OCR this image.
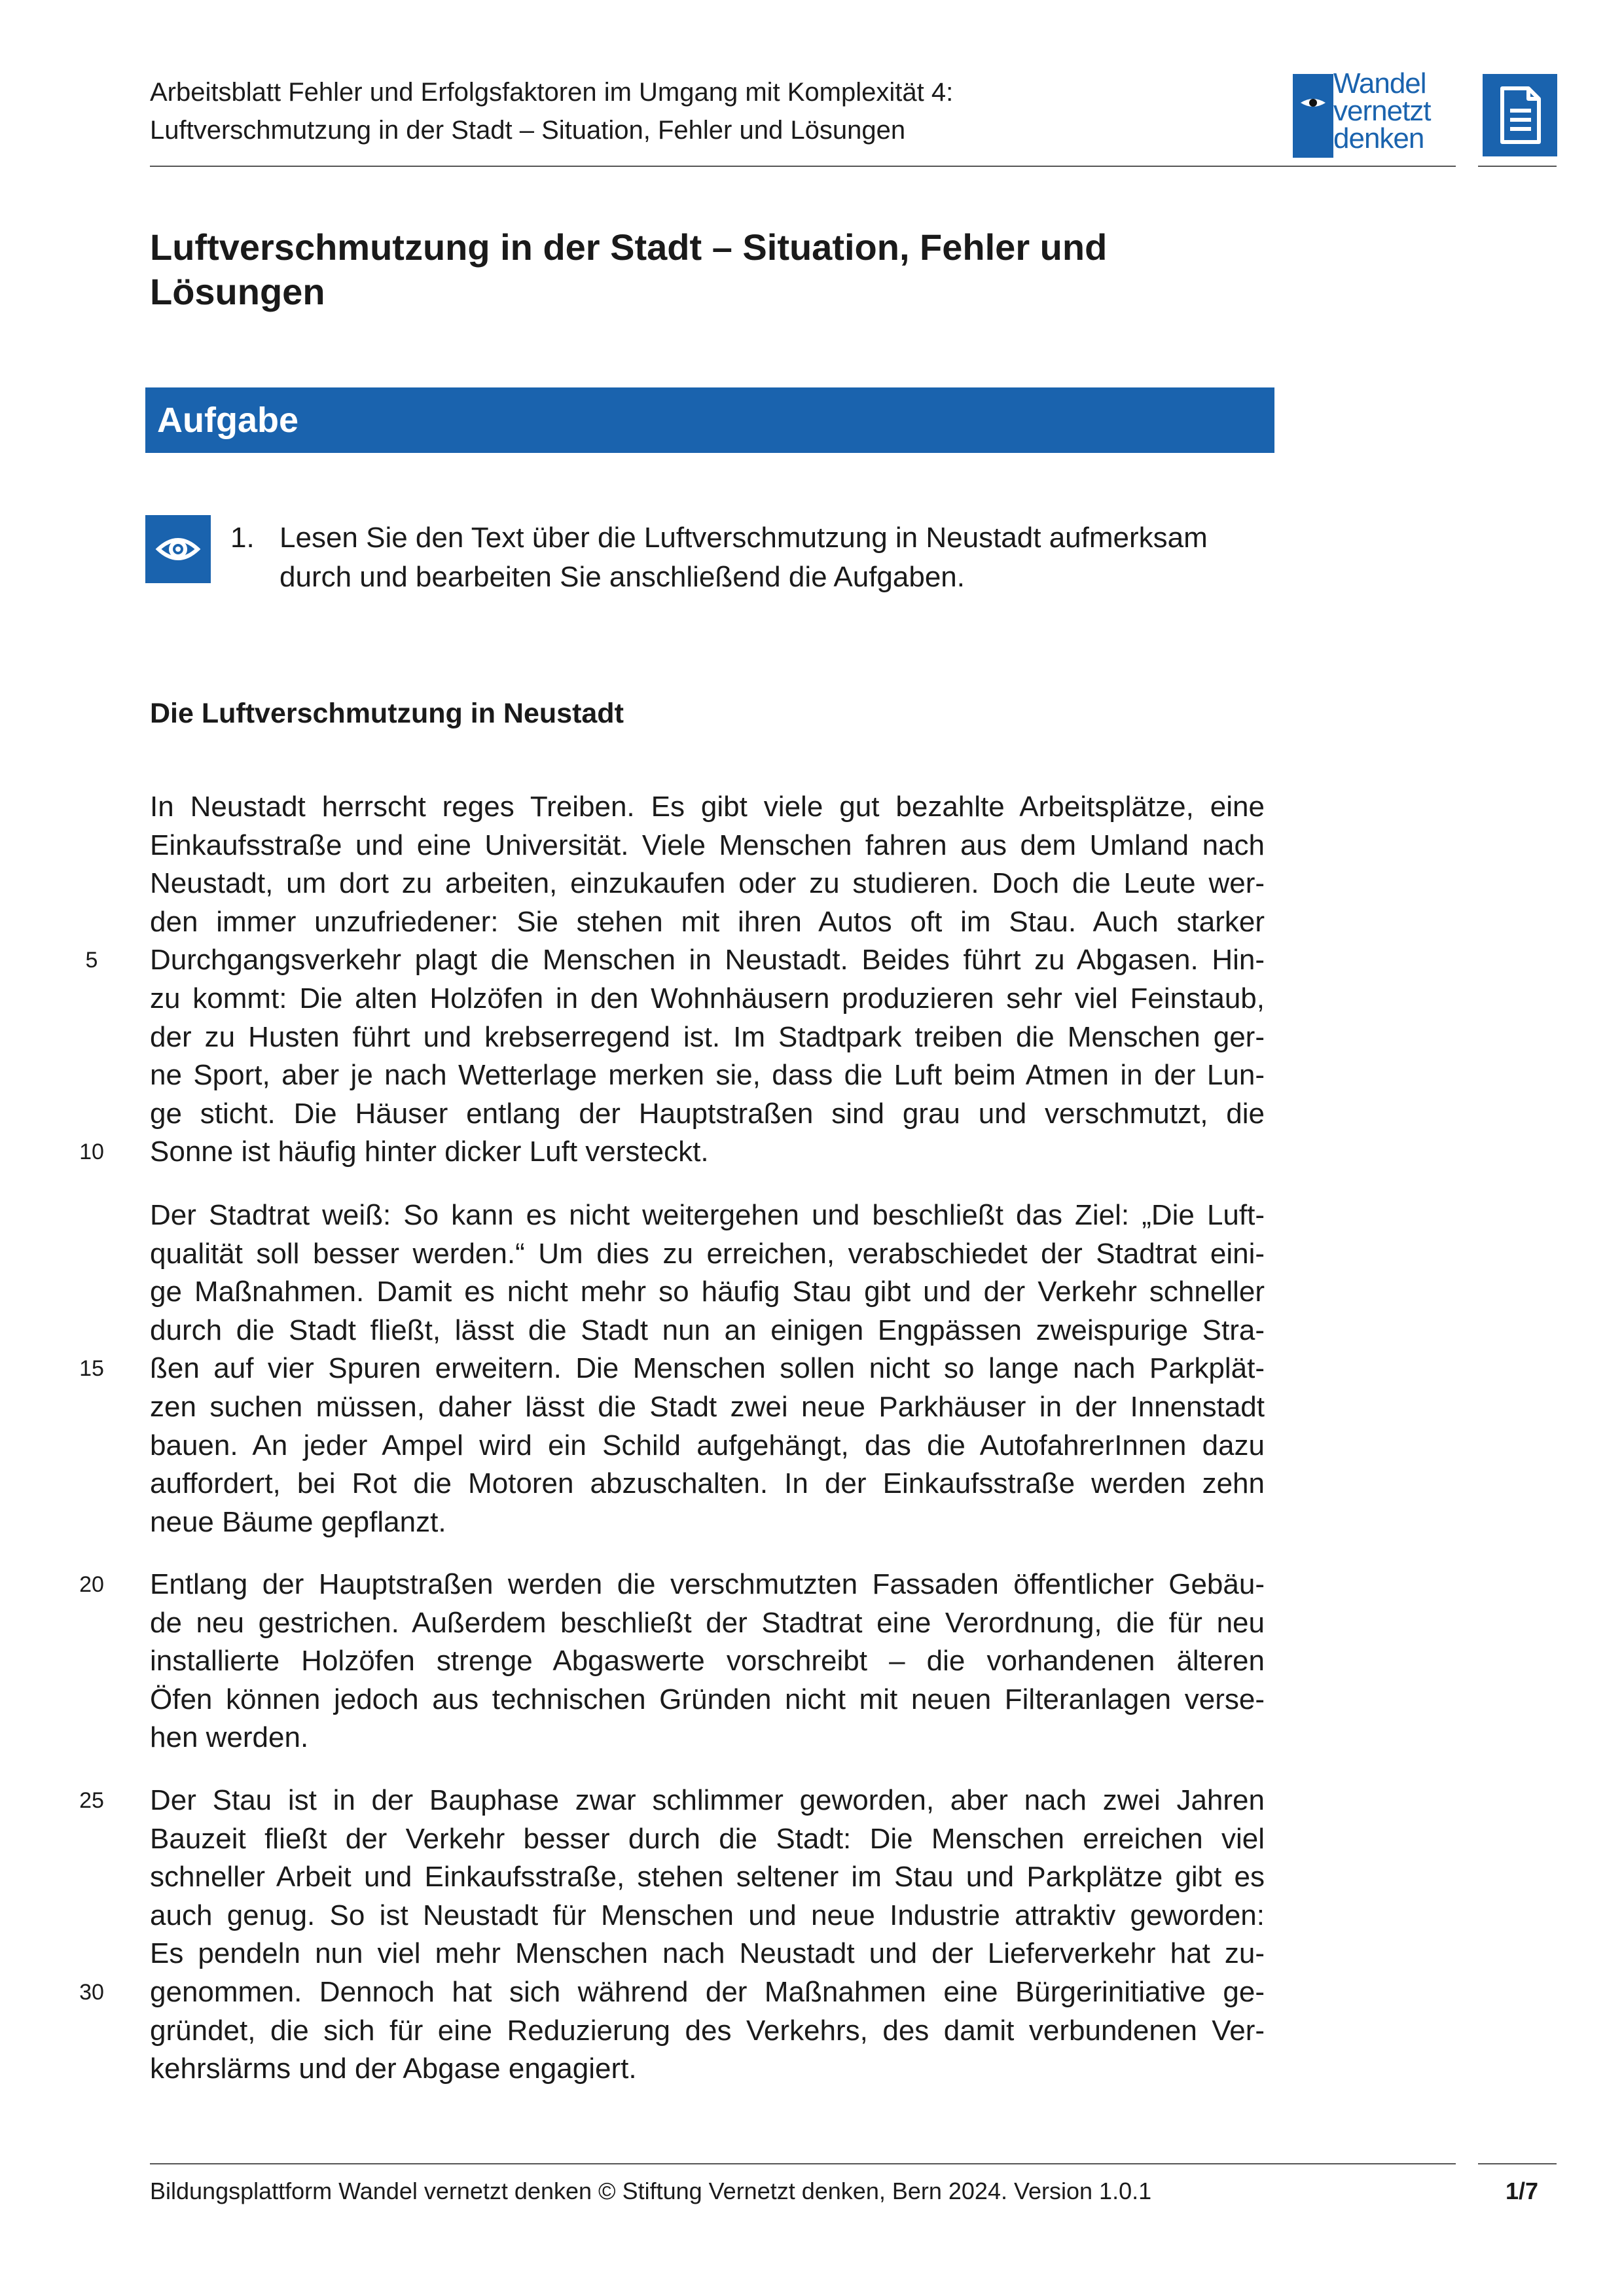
Arbeitsblatt Fehler und Erfolgsfaktoren im Umgang mit Komplexität 4:
Luftverschmutzung in der Stadt – Situation, Fehler und Lösungen
Wandel
vernetzt
denken
Luftverschmutzung in der Stadt – Situation, Fehler und
Lösungen
Aufgabe
1. Lesen Sie den Text über die Luftverschmutzung in Neustadt aufmerksam
durch und bearbeiten Sie anschließend die Aufgaben.
Die Luftverschmutzung in Neustadt
In Neustadt herrscht reges Treiben. Es gibt viele gut bezahlte Arbeitsplätze, eine
Einkaufsstraße und eine Universität. Viele Menschen fahren aus dem Umland nach
Neustadt, um dort zu arbeiten, einzukaufen oder zu studieren. Doch die Leute wer-
den immer unzufriedener: Sie stehen mit ihren Autos oft im Stau. Auch starker
Durchgangsverkehr plagt die Menschen in Neustadt. Beides führt zu Abgasen. Hin-
zu kommt: Die alten Holzöfen in den Wohnhäusern produzieren sehr viel Feinstaub,
der zu Husten führt und krebserregend ist. Im Stadtpark treiben die Menschen ger-
ne Sport, aber je nach Wetterlage merken sie, dass die Luft beim Atmen in der Lun-
ge sticht. Die Häuser entlang der Hauptstraßen sind grau und verschmutzt, die
Sonne ist häufig hinter dicker Luft versteckt.
Der Stadtrat weiß: So kann es nicht weitergehen und beschließt das Ziel: „Die Luft-
qualität soll besser werden.“ Um dies zu erreichen, verabschiedet der Stadtrat eini-
ge Maßnahmen. Damit es nicht mehr so häufig Stau gibt und der Verkehr schneller
durch die Stadt fließt, lässt die Stadt nun an einigen Engpässen zweispurige Stra-
ßen auf vier Spuren erweitern. Die Menschen sollen nicht so lange nach Parkplät-
zen suchen müssen, daher lässt die Stadt zwei neue Parkhäuser in der Innenstadt
bauen. An jeder Ampel wird ein Schild aufgehängt, das die AutofahrerInnen dazu
auffordert, bei Rot die Motoren abzuschalten. In der Einkaufsstraße werden zehn
neue Bäume gepflanzt.
Entlang der Hauptstraßen werden die verschmutzten Fassaden öffentlicher Gebäu-
de neu gestrichen. Außerdem beschließt der Stadtrat eine Verordnung, die für neu
installierte Holzöfen strenge Abgaswerte vorschreibt – die vorhandenen älteren
Öfen können jedoch aus technischen Gründen nicht mit neuen Filteranlagen verse-
hen werden.
Der Stau ist in der Bauphase zwar schlimmer geworden, aber nach zwei Jahren
Bauzeit fließt der Verkehr besser durch die Stadt: Die Menschen erreichen viel
schneller Arbeit und Einkaufsstraße, stehen seltener im Stau und Parkplätze gibt es
auch genug. So ist Neustadt für Menschen und neue Industrie attraktiv geworden:
Es pendeln nun viel mehr Menschen nach Neustadt und der Lieferverkehr hat zu-
genommen. Dennoch hat sich während der Maßnahmen eine Bürgerinitiative ge-
gründet, die sich für eine Reduzierung des Verkehrs, des damit verbundenen Ver-
kehrslärms und der Abgase engagiert.
5
10
15
20
25
30
Bildungsplattform Wandel vernetzt denken © Stiftung Vernetzt denken, Bern 2024. Version 1.0.1	1/7
